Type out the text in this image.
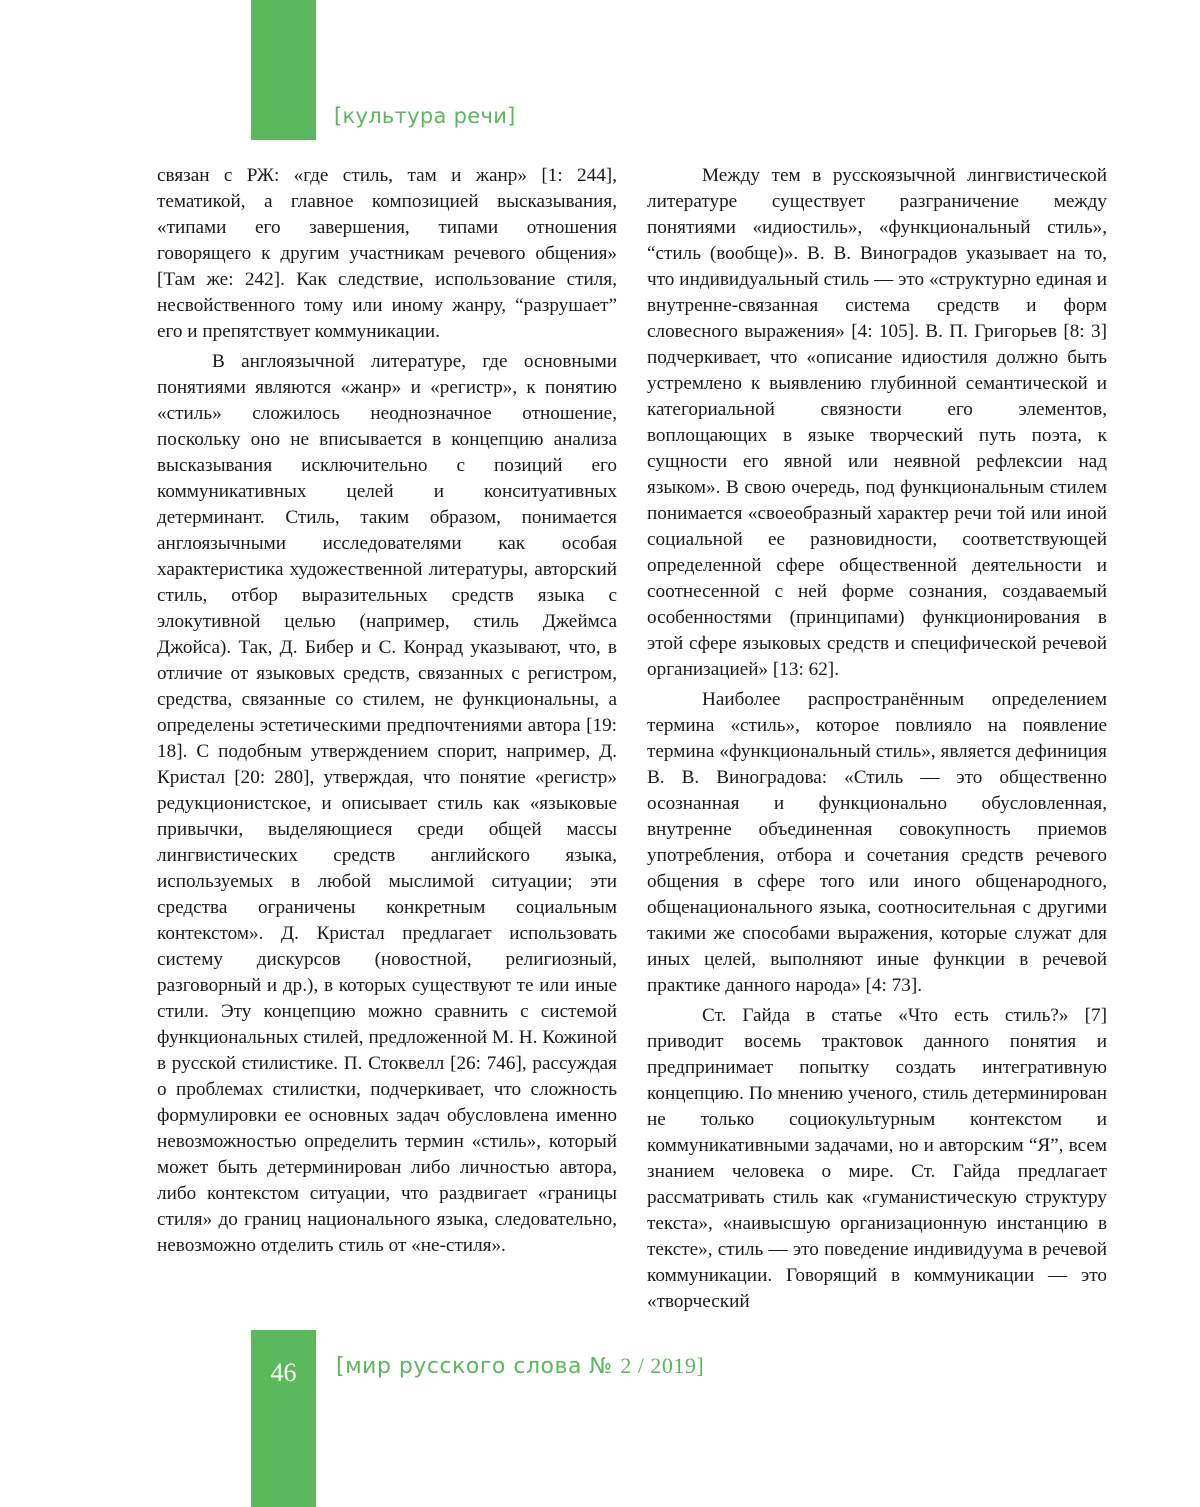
[культура речи]

связан с РЖ: «где стиль, там и жанр» [1: 244], тематикой, а главное композицией высказывания, «типами его завершения, типами отношения говорящего к другим участникам речевого общения» [Там же: 242]. Как следствие, использование стиля, несвойственного тому или иному жанру, “разрушает” его и препятствует коммуникации.

В англоязычной литературе, где основными понятиями являются «жанр» и «регистр», к понятию «стиль» сложилось неоднозначное отношение, поскольку оно не вписывается в концепцию анализа высказывания исключительно с позиций его коммуникативных целей и конситуативных детерминант. Стиль, таким образом, понимается англоязычными исследователями как особая характеристика художественной литературы, авторский стиль, отбор выразительных средств языка с элокутивной целью (например, стиль Джеймса Джойса). Так, Д. Бибер и С. Конрад указывают, что, в отличие от языковых средств, связанных с регистром, средства, связанные со стилем, не функциональны, а определены эстетическими предпочтениями автора [19: 18]. С подобным утверждением спорит, например, Д. Кристал [20: 280], утверждая, что понятие «регистр» редукционистское, и описывает стиль как «языковые привычки, выделяющиеся среди общей массы лингвистических средств английского языка, используемых в любой мыслимой ситуации; эти средства ограничены конкретным социальным контекстом». Д. Кристал предлагает использовать систему дискурсов (новостной, религиозный, разговорный и др.), в которых существуют те или иные стили. Эту концепцию можно сравнить с системой функциональных стилей, предложенной М. Н. Кожиной в русской стилистике. П. Стоквелл [26: 746], рассуждая о проблемах стилистки, подчеркивает, что сложность формулировки ее основных задач обусловлена именно невозможностью определить термин «стиль», который может быть детерминирован либо личностью автора, либо контекстом ситуации, что раздвигает «границы стиля» до границ национального языка, следовательно, невозможно отделить стиль от «не-стиля».

Между тем в русскоязычной лингвистической литературе существует разграничение между понятиями «идиостиль», «функциональный стиль», “стиль (вообще)». В. В. Виноградов указывает на то, что индивидуальный стиль — это «структурно единая и внутренне-связанная система средств и форм словесного выражения» [4: 105]. В. П. Григорьев [8: 3] подчеркивает, что «описание идиостиля должно быть устремлено к выявлению глубинной семантической и категориальной связности его элементов, воплощающих в языке творческий путь поэта, к сущности его явной или неявной рефлексии над языком». В свою очередь, под функциональным стилем понимается «своеобразный характер речи той или иной социальной ее разновидности, соответствующей определенной сфере общественной деятельности и соотнесенной с ней форме сознания, создаваемый особенностями (принципами) функционирования в этой сфере языковых средств и специфической речевой организацией» [13: 62].

Наиболее распространённым определением термина «стиль», которое повлияло на появление термина «функциональный стиль», является дефиниция В. В. Виноградова: «Стиль — это общественно осознанная и функционально обусловленная, внутренне объединенная совокупность приемов употребления, отбора и сочетания средств речевого общения в сфере того или иного общенародного, общенационального языка, соотносительная с другими такими же способами выражения, которые служат для иных целей, выполняют иные функции в речевой практике данного народа» [4: 73].

Ст. Гайда в статье «Что есть стиль?» [7] приводит восемь трактовок данного понятия и предпринимает попытку создать интегративную концепцию. По мнению ученого, стиль детерминирован не только социокультурным контекстом и коммуникативными задачами, но и авторским “Я”, всем знанием человека о мире. Ст. Гайда предлагает рассматривать стиль как «гуманистическую структуру текста», «наивысшую организационную инстанцию в тексте», стиль — это поведение индивидуума в речевой коммуникации. Говорящий в коммуникации — это «творческий

46	[мир русского слова № 2 / 2019]
